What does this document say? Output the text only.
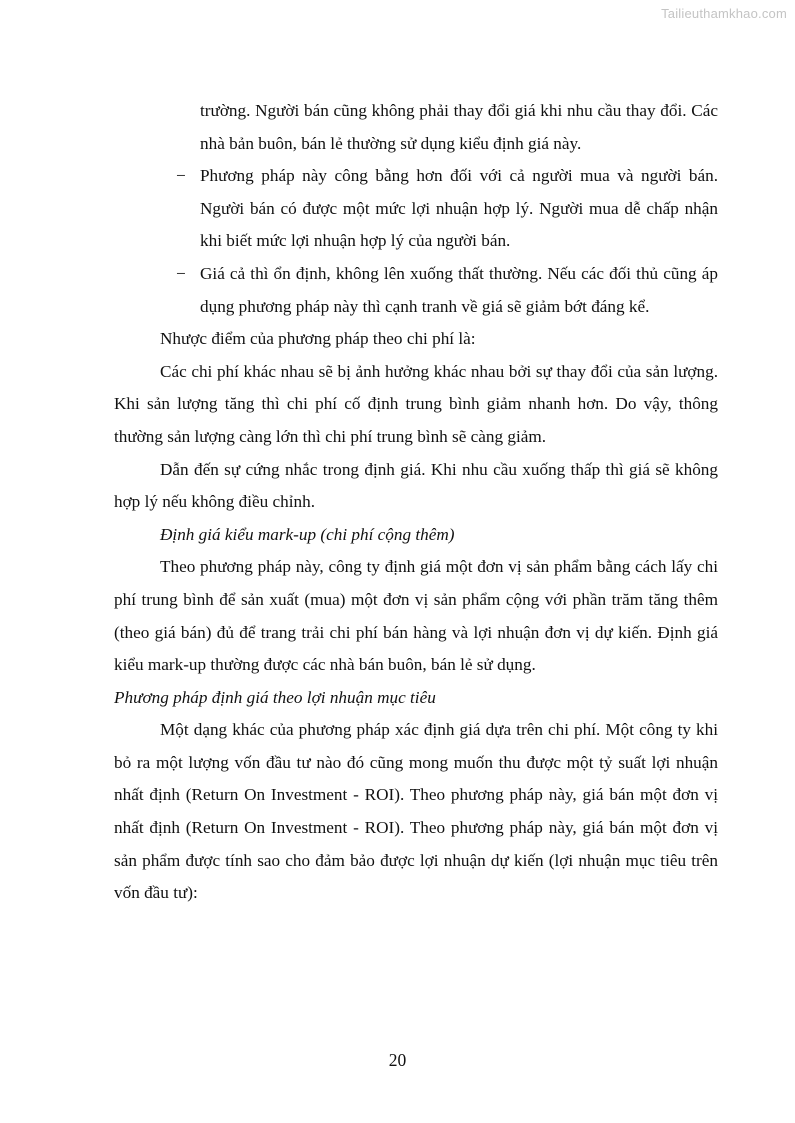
Tailieuthamkhao.com

trường. Người bán cũng không phải thay đổi giá khi nhu cầu thay đổi. Các nhà bản buôn, bán lẻ thường sử dụng kiểu định giá này.

− Phương pháp này công bằng hơn đối với cả người mua và người bán. Người bán có được một mức lợi nhuận hợp lý. Người mua dễ chấp nhận khi biết mức lợi nhuận hợp lý của người bán.

− Giá cả thì ổn định, không lên xuống thất thường. Nếu các đối thủ cũng áp dụng phương pháp này thì cạnh tranh về giá sẽ giảm bớt đáng kể.

Nhược điểm của phương pháp theo chi phí là:

Các chi phí khác nhau sẽ bị ảnh hưởng khác nhau bởi sự thay đổi của sản lượng. Khi sản lượng tăng thì chi phí cố định trung bình giảm nhanh hơn. Do vậy, thông thường sản lượng càng lớn thì chi phí trung bình sẽ càng giảm.

Dẫn đến sự cứng nhắc trong định giá. Khi nhu cầu xuống thấp thì giá sẽ không hợp lý nếu không điều chỉnh.

Định giá kiểu mark-up (chi phí cộng thêm)

Theo phương pháp này, công ty định giá một đơn vị sản phẩm bằng cách lấy chi phí trung bình để sản xuất (mua) một đơn vị sản phẩm cộng với phần trăm tăng thêm (theo giá bán) đủ để trang trải chi phí bán hàng và lợi nhuận đơn vị dự kiến. Định giá kiểu mark-up thường được các nhà bán buôn, bán lẻ sử dụng.

Phương pháp định giá theo lợi nhuận mục tiêu

Một dạng khác của phương pháp xác định giá dựa trên chi phí. Một công ty khi bỏ ra một lượng vốn đầu tư nào đó cũng mong muốn thu được một tỷ suất lợi nhuận nhất định (Return On Investment - ROI). Theo phương pháp này, giá bán một đơn vị nhất định (Return On Investment - ROI). Theo phương pháp này, giá bán một đơn vị sản phẩm được tính sao cho đảm bảo được lợi nhuận dự kiến (lợi nhuận mục tiêu trên vốn đầu tư):

20
